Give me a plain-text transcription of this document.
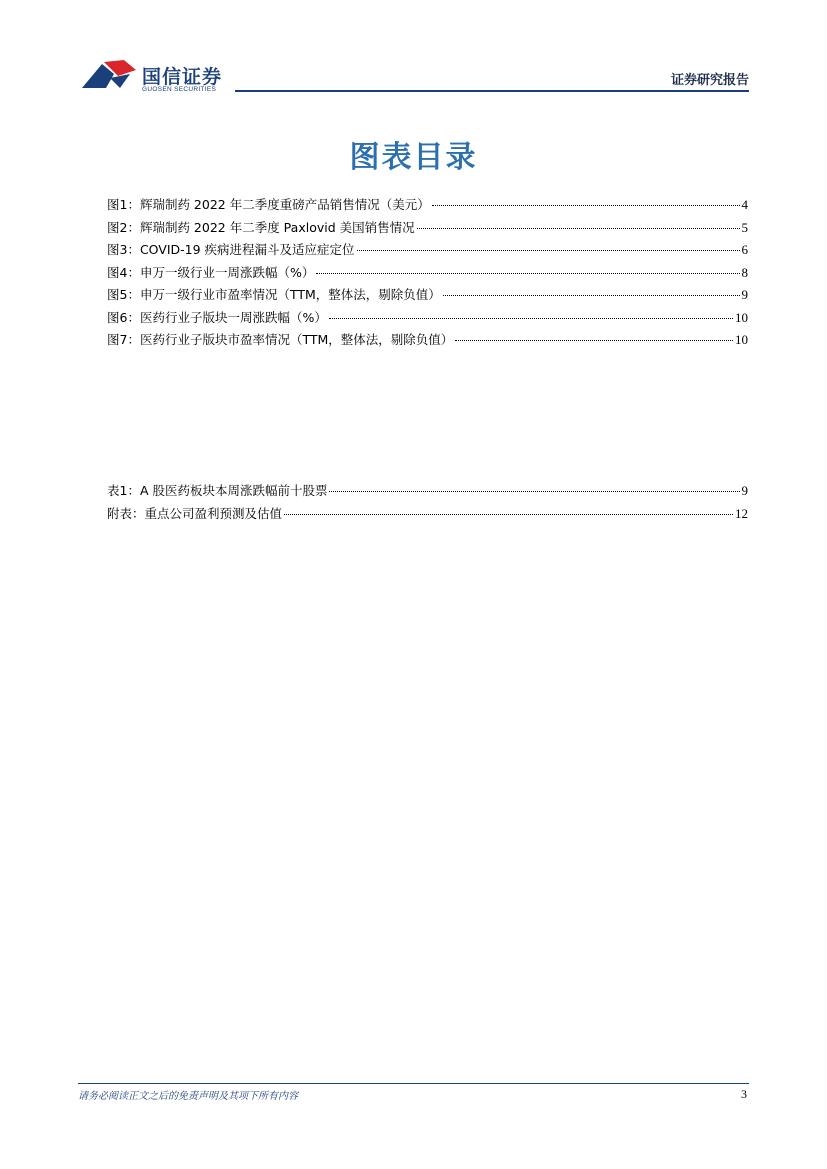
国信证券
GUOSEN SECURITIES
证券研究报告
图表目录
图1： 辉瑞制药 2022 年二季度重磅产品销售情况（美元）	4
图2： 辉瑞制药 2022 年二季度 Paxlovid 美国销售情况	5
图3： COVID-19 疾病进程漏斗及适应症定位	6
图4： 申万一级行业一周涨跌幅（%）	8
图5： 申万一级行业市盈率情况（TTM，整体法，剔除负值）	9
图6： 医药行业子版块一周涨跌幅（%）	10
图7： 医药行业子版块市盈率情况（TTM，整体法，剔除负值）	10
表1： A 股医药板块本周涨跌幅前十股票	9
附表： 重点公司盈利预测及估值	12
请务必阅读正文之后的免责声明及其项下所有内容	3
